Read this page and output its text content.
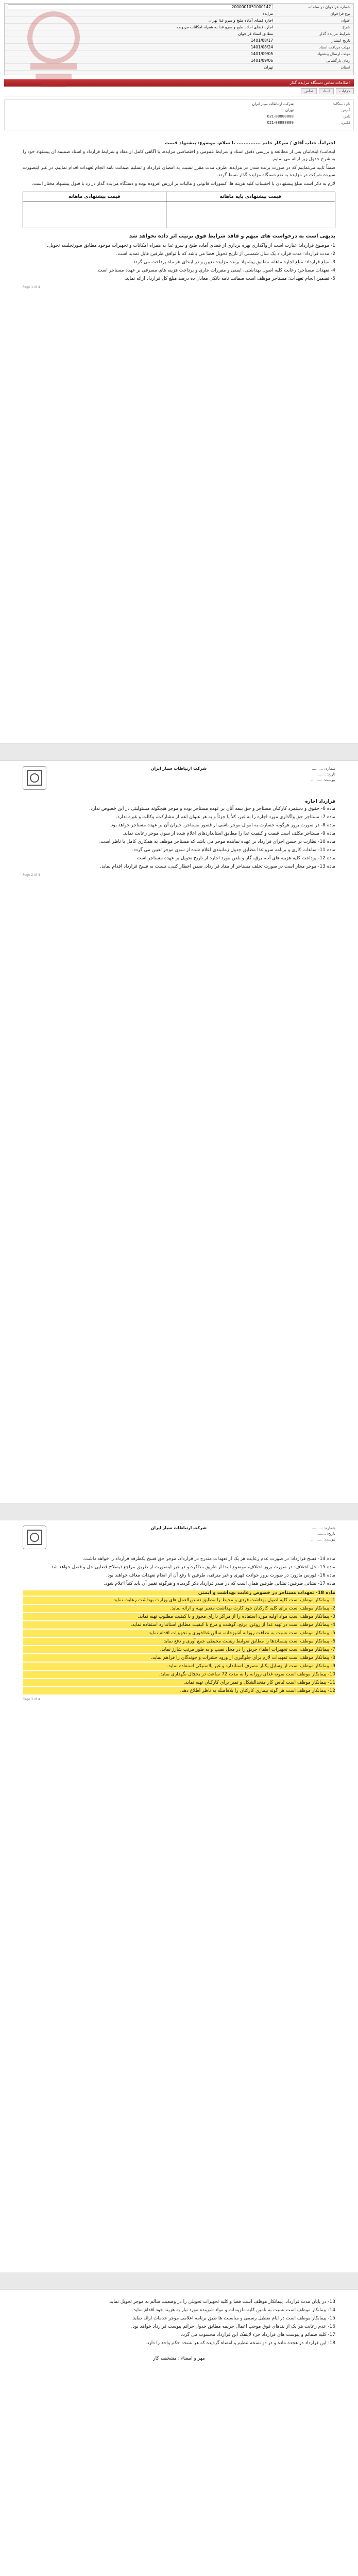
شماره فراخوان در سامانه
2000001051000147
نوع فراخوان
مزایده
عنوان
اجاره فضای آماده طبخ و سرو غذا تهران
شرح
اجاره فضای آماده طبخ و سرو غذا به همراه امکانات مربوطه
شرایط مزایده گذار
مطابق اسناد فراخوان
تاریخ انتشار
1401/08/17
مهلت دریافت اسناد
1401/08/24
مهلت ارسال پیشنهاد
1401/09/05
زمان بازگشایی
1401/09/06
استان
تهران
اطلاعات تماس دستگاه مزایده گذار
جزئیات
اسناد
تماس
نام دستگاه:
شرکت ارتباطات سیار ایران
آدرس:
تهران
تلفن:
021-88888888
فکس:
021-88888889
احتراماً، جناب آقای / سرکار خانم .............. با سلام، موضوع: پیشنهاد قیمت
اینجانب/ اینجانبان پس از مطالعه و بررسی دقیق اسناد و شرایط عمومی و اختصاصی مزایده، با آگاهی کامل از مفاد و شرایط قرارداد و اسناد ضمیمه آن پیشنهاد خود را به شرح جدول زیر ارائه می نمایم.
ضمناً تایید می‌نماییم که در صورت برنده شدن در مزایده، ظرف مدت مقرر نسبت به امضای قرارداد و تسلیم ضمانت نامه انجام تعهدات اقدام نماییم، در غیر اینصورت سپرده شرکت در مزایده به نفع دستگاه مزایده گذار ضبط گردد.
لازم به ذکر است مبلغ پیشنهادی با احتساب کلیه هزینه ها، کسورات قانونی و مالیات بر ارزش افزوده بوده و دستگاه مزایده گذار در رد یا قبول پیشنهاد مختار است.
قیمت پیشنهادی پایه ماهانه	قیمت پیشنهادی ماهانه

بدیهی است به درخواست های مبهم و فاقد شرایط فوق ترتیب اثر داده نخواهد شد
1- موضوع قرارداد: عبارت است از واگذاری بهره برداری از فضای آماده طبخ و سرو غذا به همراه امکانات و تجهیزات موجود مطابق صورتجلسه تحویل.
2- مدت قرارداد: مدت قرارداد یک سال شمسی از تاریخ تحویل فضا می باشد که با توافق طرفین قابل تمدید است.
3- مبلغ قرارداد: مبلغ اجاره ماهانه مطابق پیشنهاد برنده مزایده تعیین و در ابتدای هر ماه پرداخت می گردد.
4- تعهدات مستاجر: رعایت کلیه اصول بهداشتی، ایمنی و مقررات جاری و پرداخت هزینه های مصرفی بر عهده مستاجر است.
5- تضمین انجام تعهدات: مستاجر موظف است ضمانت نامه بانکی معادل ده درصد مبلغ کل قرارداد ارائه نماید.
Page 1 of 4
شماره: ..........
تاریخ: ..........
پیوست: ..........
شرکت ارتباطات سیار ایران
قرارداد اجاره
ماده 6- حقوق و دستمزد کارکنان مستاجر و حق بیمه آنان بر عهده مستاجر بوده و موجر هیچگونه مسئولیتی در این خصوص ندارد.
ماده 7- مستاجر حق واگذاری مورد اجاره را به غیر، کلاً یا جزئاً و به هر عنوان اعم از مشارکت، وکالت و غیره ندارد.
ماده 8- در صورت بروز هرگونه خسارت به اموال موجر ناشی از قصور مستاجر، جبران آن بر عهده مستاجر خواهد بود.
ماده 9- مستاجر مکلف است قیمت و کیفیت غذا را مطابق استانداردهای اعلام شده از سوی موجر رعایت نماید.
ماده 10- نظارت بر حسن اجرای قرارداد بر عهده نماینده موجر می باشد که مستاجر موظف به همکاری کامل با ناظر است.
ماده 11- ساعات کاری و برنامه سرو غذا مطابق جدول زمانبندی اعلام شده از سوی موجر تعیین می گردد.
ماده 12- پرداخت کلیه هزینه های آب، برق، گاز و تلفن مورد اجاره از تاریخ تحویل بر عهده مستاجر است.
ماده 13- موجر مجاز است در صورت تخلف مستاجر از مفاد قرارداد، ضمن اخطار کتبی، نسبت به فسخ قرارداد اقدام نماید.
Page 2 of 4
شماره: ..........
تاریخ: ..........
پیوست: ..........
شرکت ارتباطات سیار ایران
ماده 14- فسخ قرارداد: در صورت عدم رعایت هر یک از تعهدات مندرج در قرارداد، موجر حق فسخ یکطرفه قرارداد را خواهد داشت.
ماده 15- حل اختلاف: در صورت بروز اختلاف، موضوع ابتدا از طریق مذاکره و در غیر اینصورت از طریق مراجع ذیصلاح قضایی حل و فصل خواهد شد.
ماده 16- فورس ماژور: در صورت بروز حوادث قهری و غیر مترقبه، طرفین تا رفع آن از انجام تعهدات معاف خواهند بود.
ماده 17- نشانی طرفین: نشانی طرفین همان است که در صدر قرارداد ذکر گردیده و هرگونه تغییر آن باید کتباً اعلام شود.
ماده 18- تعهدات مستاجر در خصوص رعایت بهداشت و ایمنی
1- پیمانکار موظف است کلیه اصول بهداشت فردی و محیط را مطابق دستورالعمل های وزارت بهداشت رعایت نماید.
2- پیمانکار موظف است برای کلیه کارکنان خود کارت بهداشت معتبر تهیه و ارائه نماید.
3- پیمانکار موظف است مواد اولیه مورد استفاده را از مراکز دارای مجوز و با کیفیت مطلوب تهیه نماید.
4- پیمانکار موظف است در تهیه غذا از روغن، برنج، گوشت و مرغ با کیفیت مطابق استاندارد استفاده نماید.
5- پیمانکار موظف است نسبت به نظافت روزانه آشپزخانه، سالن غذاخوری و تجهیزات اقدام نماید.
6- پیمانکار موظف است پسماندها را مطابق ضوابط زیست محیطی جمع آوری و دفع نماید.
7- پیمانکار موظف است تجهیزات اطفاء حریق را در محل نصب و به طور مرتب شارژ نماید.
8- پیمانکار موظف است تمهیدات لازم برای جلوگیری از ورود حشرات و جوندگان را فراهم نماید.
9- پیمانکار موظف است از وسایل یکبار مصرف استاندارد و غیر پلاستیکی استفاده نماید.
10- پیمانکار موظف است نمونه غذای روزانه را به مدت 72 ساعت در یخچال نگهداری نماید.
11- پیمانکار موظف است لباس کار متحدالشکل و تمیز برای کارکنان تهیه نماید.
12- پیمانکار موظف است هر گونه بیماری کارکنان را بلافاصله به ناظر اطلاع دهد.
Page 3 of 4
13- در پایان مدت قرارداد، پیمانکار موظف است فضا و کلیه تجهیزات تحویلی را در وضعیت سالم به موجر تحویل نماید.
14- پیمانکار موظف است نسبت به تامین کلیه ملزومات و مواد شوینده مورد نیاز به هزینه خود اقدام نماید.
15- پیمانکار موظف است در ایام تعطیل رسمی و مناسبت ها طبق برنامه اعلامی موجر خدمات ارائه نماید.
16- عدم رعایت هر یک از بندهای فوق موجب اعمال جریمه مطابق جدول جرائم پیوست قرارداد خواهد بود.
17- کلیه ضمائم و پیوست های قرارداد جزء لاینفک این قرارداد محسوب می گردد.
18- این قرارداد در هجده ماده و در دو نسخه تنظیم و امضاء گردیده که هر نسخه حکم واحد را دارد.
مهر و امضاء : مشخصه کار
